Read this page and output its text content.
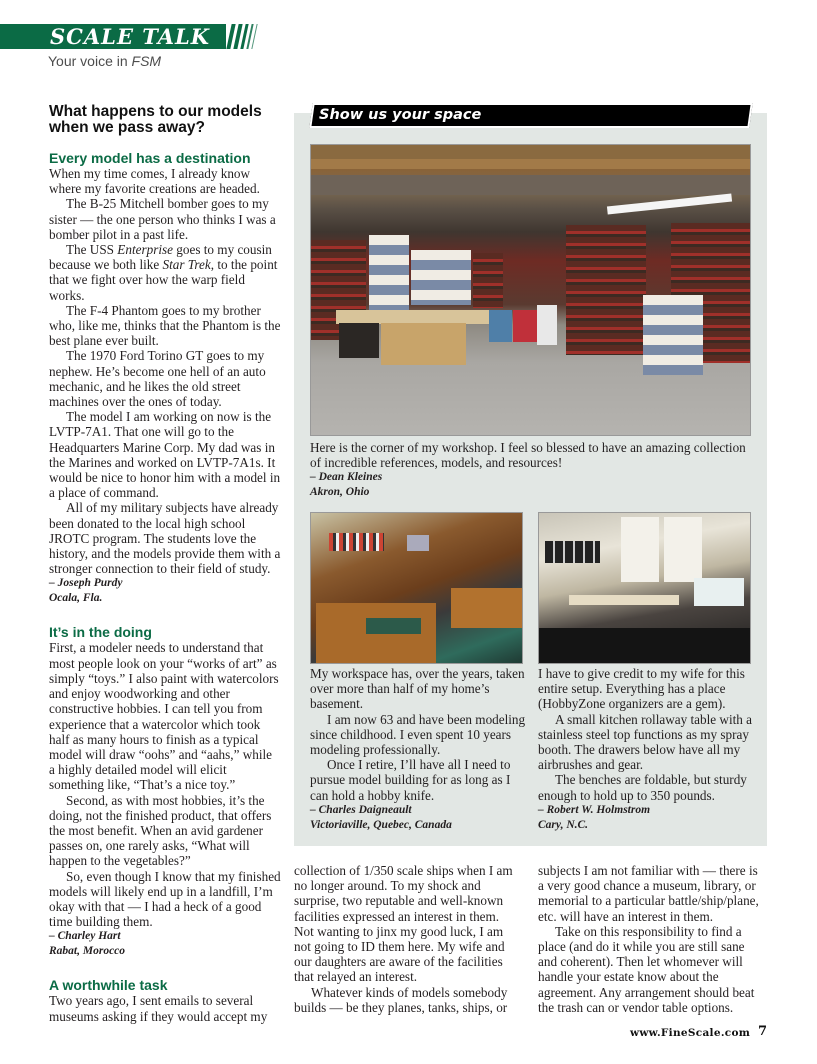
SCALE TALK
Your voice in FSM
What happens to our models when we pass away?
Every model has a destination

When my time comes, I already know where my favorite creations are headed.

The B-25 Mitchell bomber goes to my sister — the one person who thinks I was a bomber pilot in a past life.

The USS Enterprise goes to my cousin because we both like Star Trek, to the point that we fight over how the warp field works.

The F-4 Phantom goes to my brother who, like me, thinks that the Phantom is the best plane ever built.

The 1970 Ford Torino GT goes to my nephew. He’s become one hell of an auto mechanic, and he likes the old street machines over the ones of today.

The model I am working on now is the LVTP-7A1. That one will go to the Headquarters Marine Corp. My dad was in the Marines and worked on LVTP-7A1s. It would be nice to honor him with a model in a place of command.

All of my military subjects have already been donated to the local high school JROTC program. The students love the history, and the models provide them with a stronger connection to their field of study.

– Joseph Purdy
Ocala, Fla.
It’s in the doing

First, a modeler needs to understand that most people look on your “works of art” as simply “toys.” I also paint with watercolors and enjoy woodworking and other constructive hobbies. I can tell you from experience that a watercolor which took half as many hours to finish as a typical model will draw “oohs” and “aahs,” while a highly detailed model will elicit something like, “That’s a nice toy.”

Second, as with most hobbies, it’s the doing, not the finished product, that offers the most benefit. When an avid gardener passes on, one rarely asks, “What will happen to the vegetables?”

So, even though I know that my finished models will likely end up in a landfill, I’m okay with that — I had a heck of a good time building them.

– Charley Hart
Rabat, Morocco
A worthwhile task

Two years ago, I sent emails to several museums asking if they would accept my

Show us your space

Here is the corner of my workshop. I feel so blessed to have an amazing collection of incredible references, models, and resources!

– Dean Kleines
Akron, Ohio

My workspace has, over the years, taken over more than half of my home’s basement.

I am now 63 and have been modeling since childhood. I even spent 10 years modeling professionally.

Once I retire, I’ll have all I need to pursue model building for as long as I can hold a hobby knife.

– Charles Daigneault
Victoriaville, Quebec, Canada

I have to give credit to my wife for this entire setup. Everything has a place (HobbyZone organizers are a gem).

A small kitchen rollaway table with a stainless steel top functions as my spray booth. The drawers below have all my airbrushes and gear.

The benches are foldable, but sturdy enough to hold up to 350 pounds.

– Robert W. Holmstrom
Cary, N.C.

collection of 1/350 scale ships when I am no longer around. To my shock and surprise, two reputable and well-known facilities expressed an interest in them. Not wanting to jinx my good luck, I am not going to ID them here. My wife and our daughters are aware of the facilities that relayed an interest.

Whatever kinds of models somebody builds — be they planes, tanks, ships, or

subjects I am not familiar with — there is a very good chance a museum, library, or memorial to a particular battle/ship/plane, etc. will have an interest in them.

Take on this responsibility to find a place (and do it while you are still sane and coherent). Then let whomever will handle your estate know about the agreement. Any arrangement should beat the trash can or vendor table options.

www.FineScale.com 7
